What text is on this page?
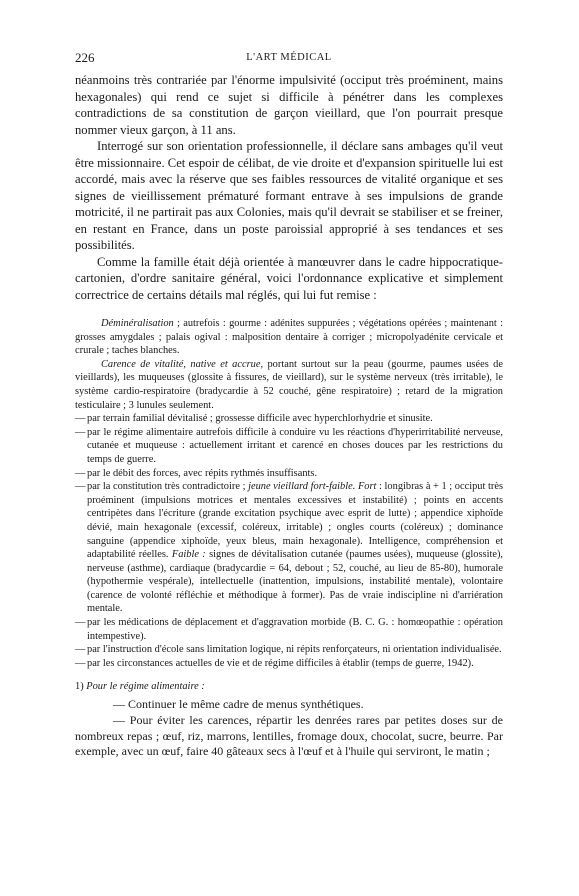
226	L'ART MÉDICAL

néanmoins très contrariée par l'énorme impulsivité (occiput très proéminent, mains hexagonales) qui rend ce sujet si difficile à pénétrer dans les complexes contradictions de sa constitution de garçon vieillard, que l'on pourrait presque nommer vieux garçon, à 11 ans.

Interrogé sur son orientation professionnelle, il déclare sans ambages qu'il veut être missionnaire. Cet espoir de célibat, de vie droite et d'expansion spirituelle lui est accordé, mais avec la réserve que ses faibles ressources de vitalité organique et ses signes de vieillissement prématuré formant entrave à ses impulsions de grande motricité, il ne partirait pas aux Colonies, mais qu'il devrait se stabiliser et se freiner, en restant en France, dans un poste paroissial approprié à ses tendances et ses possibilités.

Comme la famille était déjà orientée à manœuvrer dans le cadre hippocratique-cartonien, d'ordre sanitaire général, voici l'ordonnance explicative et simplement correctrice de certains détails mal réglés, qui lui fut remise :

Déminéralisation ; autrefois : gourme : adénites suppurées ; végétations opérées ; maintenant : grosses amygdales ; palais ogival : malposition dentaire à corriger ; micropolyadénite cervicale et crurale ; taches blanches.

Carence de vitalité, native et accrue, portant surtout sur la peau (gourme, paumes usées de vieillards), les muqueuses (glossite à fissures, de vieillard), sur le système nerveux (très irritable), le système cardio-respiratoire (bradycardie à 52 couché, gêne respiratoire) ; retard de la migration testiculaire ; 3 lunules seulement.

— par terrain familial dévitalisé ; grossesse difficile avec hyperchlorhydrie et sinusite.

— par le régime alimentaire autrefois difficile à conduire vu les réactions d'hyperirritabilité nerveuse, cutanée et muqueuse : actuellement irritant et carencé en choses douces par les restrictions du temps de guerre.

— par le débit des forces, avec répits rythmés insuffisants.

— par la constitution très contradictoire ; jeune vieillard fort-faible. Fort : longibras à + 1 ; occiput très proéminent (impulsions motrices et mentales excessives et instabilité) ; points en accents centripètes dans l'écriture (grande excitation psychique avec esprit de lutte) ; appendice xiphoïde dévié, main hexagonale (excessif, coléreux, irritable) ; ongles courts (coléreux) ; dominance sanguine (appendice xiphoïde, yeux bleus, main hexagonale). Intelligence, compréhension et adaptabilité réelles. Faible : signes de dévitalisation cutanée (paumes usées), muqueuse (glossite), nerveuse (asthme), cardiaque (bradycardie = 64, debout ; 52, couché, au lieu de 85-80), humorale (hypothermie vespérale), intellectuelle (inattention, impulsions, instabilité mentale), volontaire (carence de volonté réfléchie et méthodique à former). Pas de vraie indiscipline ni d'arriération mentale.

— par les médications de déplacement et d'aggravation morbide (B. C. G. : homœopathie : opération intempestive).

— par l'instruction d'école sans limitation logique, ni répits renforçateurs, ni orientation individualisée.

— par les circonstances actuelles de vie et de régime difficiles à établir (temps de guerre, 1942).

1) Pour le régime alimentaire :

— Continuer le même cadre de menus synthétiques.

— Pour éviter les carences, répartir les denrées rares par petites doses sur de nombreux repas ; œuf, riz, marrons, lentilles, fromage doux, chocolat, sucre, beurre. Par exemple, avec un œuf, faire 40 gâteaux secs à l'œuf et à l'huile qui serviront, le matin ;
